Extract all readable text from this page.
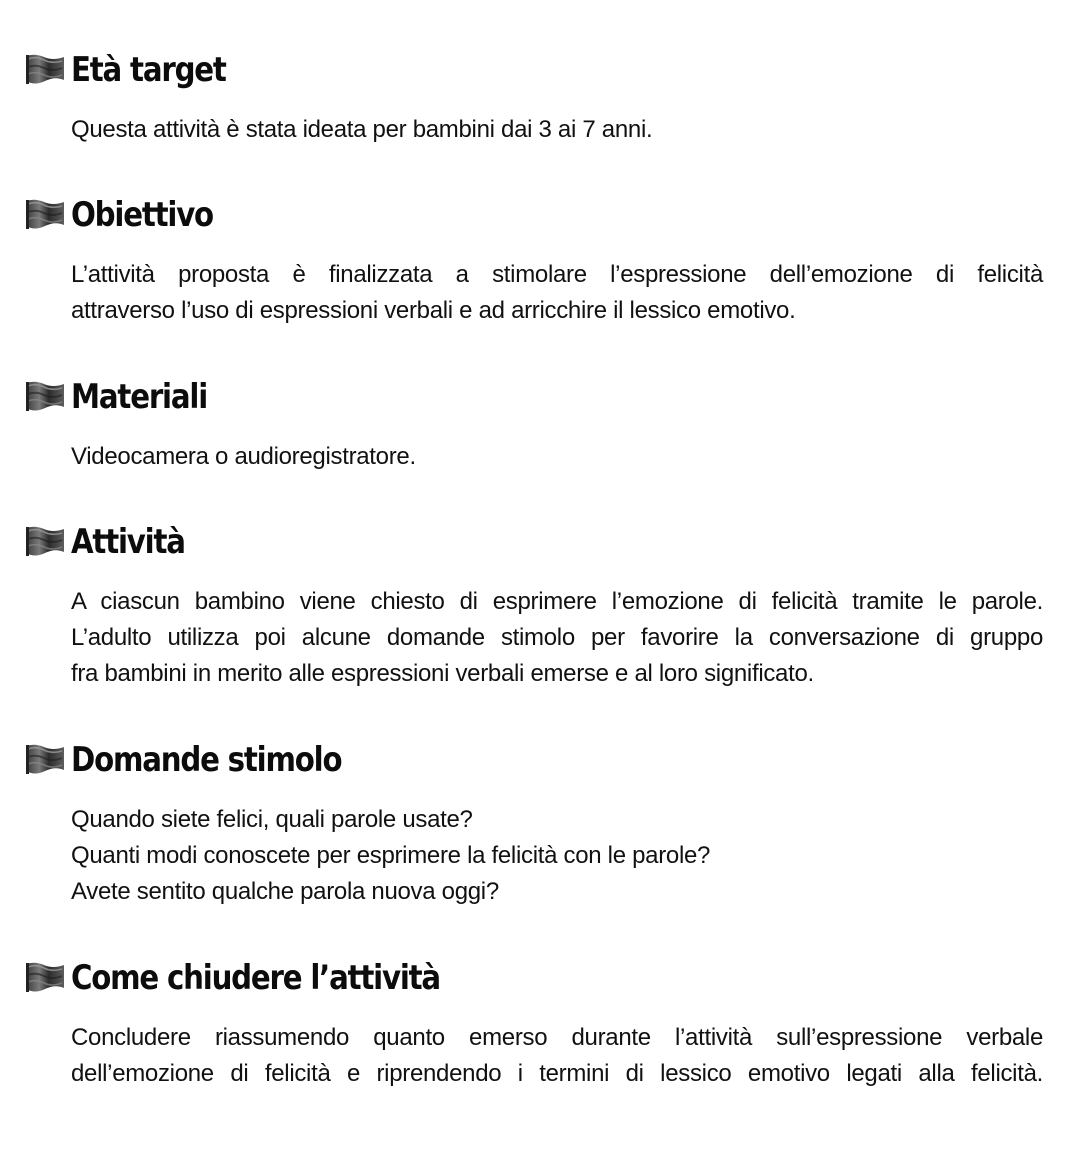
Età target
Questa attività è stata ideata per bambini dai 3 ai 7 anni.
Obiettivo
L’attività proposta è finalizzata a stimolare l’espressione dell’emozione di felicità
attraverso l’uso di espressioni verbali e ad arricchire il lessico emotivo.
Materiali
Videocamera o audioregistratore.
Attività
A ciascun bambino viene chiesto di esprimere l’emozione di felicità tramite le parole.
L’adulto utilizza poi alcune domande stimolo per favorire la conversazione di gruppo
fra bambini in merito alle espressioni verbali emerse e al loro significato.
Domande stimolo
Quando siete felici, quali parole usate?
Quanti modi conoscete per esprimere la felicità con le parole?
Avete sentito qualche parola nuova oggi?
Come chiudere l’attività
Concludere riassumendo quanto emerso durante l’attività sull’espressione verbale
dell’emozione di felicità e riprendendo i termini di lessico emotivo legati alla felicità.
